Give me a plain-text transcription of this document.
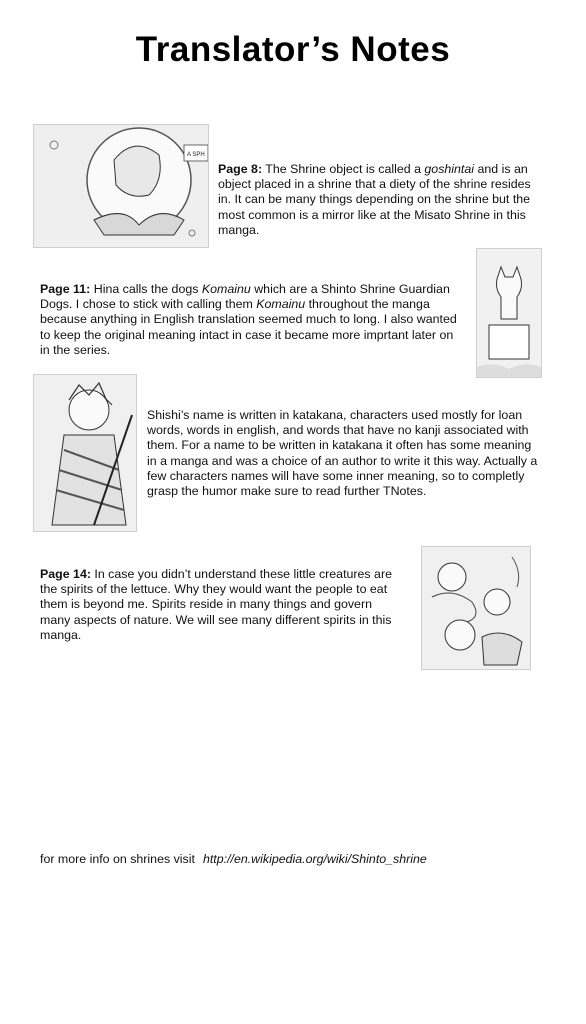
Translator’s Notes
A SPH
Page 8: The Shrine object is called a goshintai and is an object placed in a shrine that a diety of the shrine resides in. It can be many things depending on the shrine but the most common is a mirror like at the Misato Shrine in this manga.
Page 11: Hina calls the dogs Komainu which are a Shinto Shrine Guardian Dogs. I chose to stick with calling them Komainu throughout the manga because anything in English translation seemed much to long. I also wanted to keep the original meaning intact in case it became more imprtant later on in the series.
Shishi’s name is written in katakana, characters used mostly for loan words, words in english, and words that have no kanji associated with them. For a name to be written in katakana it often has some meaning in a manga and was a choice of an author to write it this way. Actually a few characters names will have some inner meaning, so to completly grasp the humor make sure to read further TNotes.
Page 14: In case you didn’t understand these little creatures are the spirits of the lettuce. Why they would want the people to eat them is beyond me. Spirits reside in many things and govern many aspects of nature. We will see many different spirits in this manga.
for more info on shrines visit http://en.wikipedia.org/wiki/Shinto_shrine
